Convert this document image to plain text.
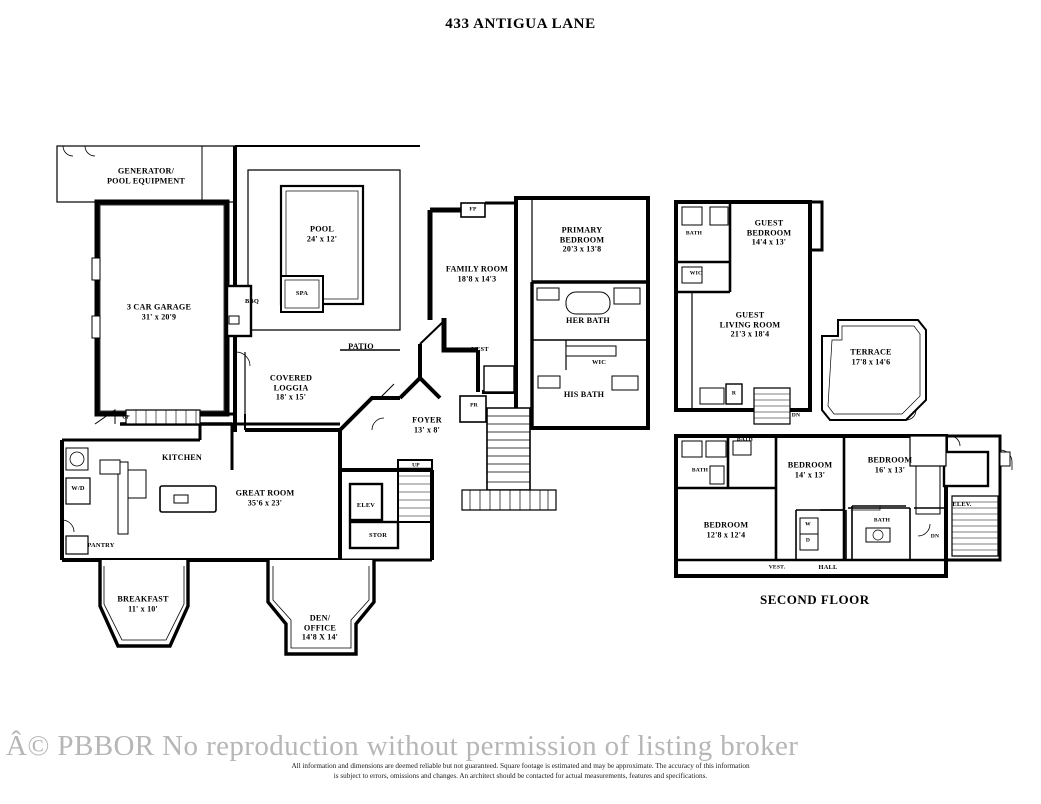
433 ANTIGUA LANE
GENERATOR/
POOL EQUIPMENT
3 CAR GARAGE
31' x 20'9
BBQ
POOL
24' x 12'
SPA
PATIO
COVERED
LOGGIA
18' x 15'
FAMILY ROOM
18'8 x 14'3
FP
PRIMARY
BEDROOM
20'3 x 13'8
HER BATH
WIC
HIS BATH
VEST
PR
FOYER
13' x 8'
UP
UP
KITCHEN
W/D
PANTRY
GREAT ROOM
35'6 x 23'	ELEV
STOR
BREAKFAST
11' x 10'
DEN/
OFFICE
14'8 X 14'
GUEST
BEDROOM
14'4 x 13'
BATH
WIC
GUEST
LIVING ROOM
21'3 x 18'4
TERRACE
17'8 x 14'6
R
DN
BATH
BATH
BEDROOM
14' x 13'
BEDROOM
16' x 13'
BEDROOM
12'8 x 12'4
W
D
BATH
ELEV.
DN
VEST.	HALL
SECOND FLOOR
Â© PBBOR No reproduction without permission of listing broker
All information and dimensions are deemed reliable but not guaranteed. Square footage is estimated and may be approximate. The accuracy of this information
is subject to errors, omissions and changes. An architect should be contacted for actual measurements, features and specifications.
